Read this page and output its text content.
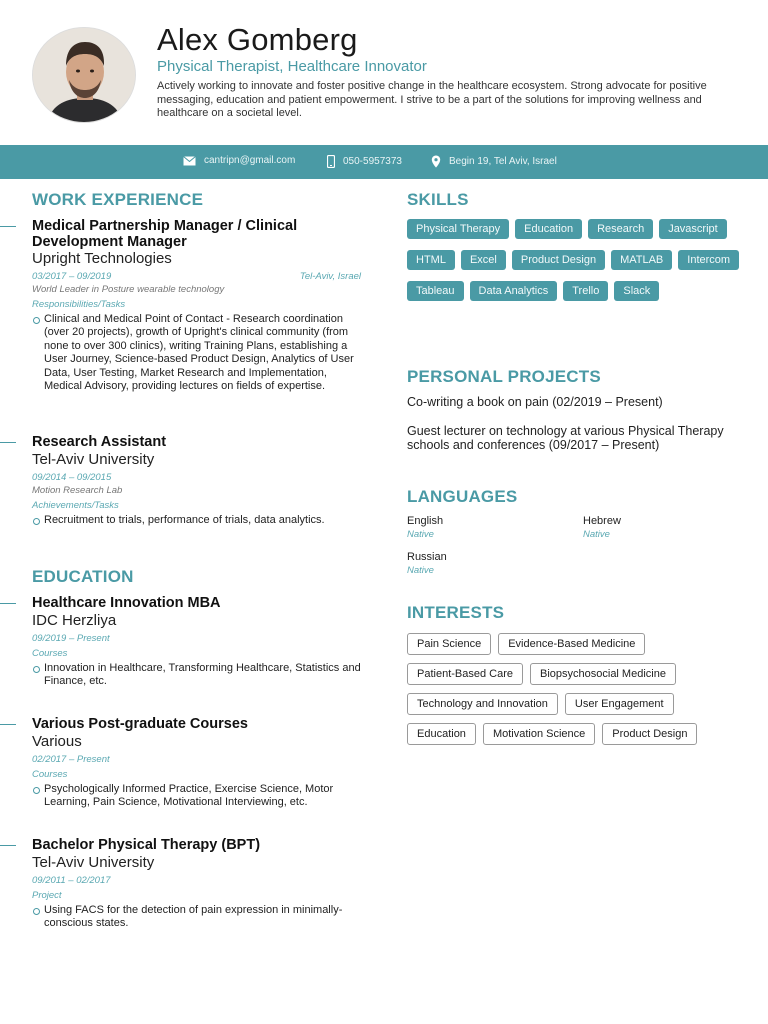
Alex Gomberg
Physical Therapist, Healthcare Innovator
Actively working to innovate and foster positive change in the healthcare ecosystem. Strong advocate for positive messaging, education and patient empowerment. I strive to be a part of the solutions for improving wellness and healthcare on a societal level.
cantripn@gmail.com	050-5957373	Begin 19, Tel Aviv, Israel
WORK EXPERIENCE
Medical Partnership Manager / Clinical Development Manager
Upright Technologies
03/2017 – 09/2019	Tel-Aviv, Israel
World Leader in Posture wearable technology
Responsibilities/Tasks
Clinical and Medical Point of Contact - Research coordination (over 20 projects), growth of Upright's clinical community (from none to over 300 clinics), writing Training Plans, establishing a User Journey, Science-based Product Design, Analytics of User Data, User Testing, Market Research and Implementation, Medical Advisory, providing lectures on fields of expertise.
Research Assistant
Tel-Aviv University
09/2014 – 09/2015
Motion Research Lab
Achievements/Tasks
Recruitment to trials, performance of trials, data analytics.
EDUCATION
Healthcare Innovation MBA
IDC Herzliya
09/2019 – Present
Courses
Innovation in Healthcare, Transforming Healthcare, Statistics and Finance, etc.
Various Post-graduate Courses
Various
02/2017 – Present
Courses
Psychologically Informed Practice, Exercise Science, Motor Learning, Pain Science, Motivational Interviewing, etc.
Bachelor Physical Therapy (BPT)
Tel-Aviv University
09/2011 – 02/2017
Project
Using FACS for the detection of pain expression in minimally-conscious states.
SKILLS
Physical Therapy	Education	Research	Javascript
HTML	Excel	Product Design	MATLAB	Intercom
Tableau	Data Analytics	Trello	Slack
PERSONAL PROJECTS
Co-writing a book on pain (02/2019 – Present)
Guest lecturer on technology at various Physical Therapy schools and conferences (09/2017 – Present)
LANGUAGES
English
Native
Hebrew
Native
Russian
Native
INTERESTS
Pain Science	Evidence-Based Medicine
Patient-Based Care	Biopsychosocial Medicine
Technology and Innovation	User Engagement
Education	Motivation Science	Product Design
